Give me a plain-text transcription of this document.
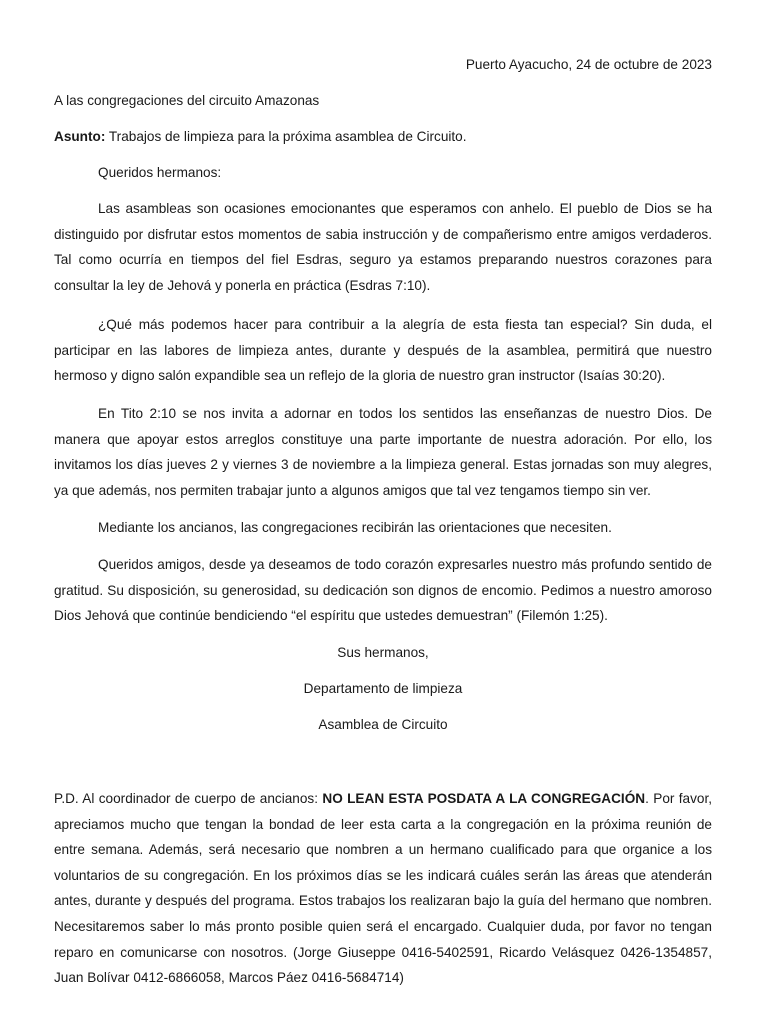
Puerto Ayacucho, 24 de octubre de 2023

A las congregaciones del circuito Amazonas

Asunto: Trabajos de limpieza para la próxima asamblea de Circuito.

Queridos hermanos:

Las asambleas son ocasiones emocionantes que esperamos con anhelo. El pueblo de Dios se ha distinguido por disfrutar estos momentos de sabia instrucción y de compañerismo entre amigos verdaderos. Tal como ocurría en tiempos del fiel Esdras, seguro ya estamos preparando nuestros corazones para consultar la ley de Jehová y ponerla en práctica (Esdras 7:10).

¿Qué más podemos hacer para contribuir a la alegría de esta fiesta tan especial? Sin duda, el participar en las labores de limpieza antes, durante y después de la asamblea, permitirá que nuestro hermoso y digno salón expandible sea un reflejo de la gloria de nuestro gran instructor (Isaías 30:20).

En Tito 2:10 se nos invita a adornar en todos los sentidos las enseñanzas de nuestro Dios. De manera que apoyar estos arreglos constituye una parte importante de nuestra adoración. Por ello, los invitamos los días jueves 2 y viernes 3 de noviembre a la limpieza general. Estas jornadas son muy alegres, ya que además, nos permiten trabajar junto a algunos amigos que tal vez tengamos tiempo sin ver.

Mediante los ancianos, las congregaciones recibirán las orientaciones que necesiten.

Queridos amigos, desde ya deseamos de todo corazón expresarles nuestro más profundo sentido de gratitud. Su disposición, su generosidad, su dedicación son dignos de encomio. Pedimos a nuestro amoroso Dios Jehová que continúe bendiciendo “el espíritu que ustedes demuestran” (Filemón 1:25).

Sus hermanos,

Departamento de limpieza

Asamblea de Circuito

P.D. Al coordinador de cuerpo de ancianos: NO LEAN ESTA POSDATA A LA CONGREGACIÓN. Por favor, apreciamos mucho que tengan la bondad de leer esta carta a la congregación en la próxima reunión de entre semana. Además, será necesario que nombren a un hermano cualificado para que organice a los voluntarios de su congregación. En los próximos días se les indicará cuáles serán las áreas que atenderán antes, durante y después del programa. Estos trabajos los realizaran bajo la guía del hermano que nombren. Necesitaremos saber lo más pronto posible quien será el encargado. Cualquier duda, por favor no tengan reparo en comunicarse con nosotros. (Jorge Giuseppe 0416-5402591, Ricardo Velásquez 0426-1354857, Juan Bolívar 0412-6866058, Marcos Páez 0416-5684714)
